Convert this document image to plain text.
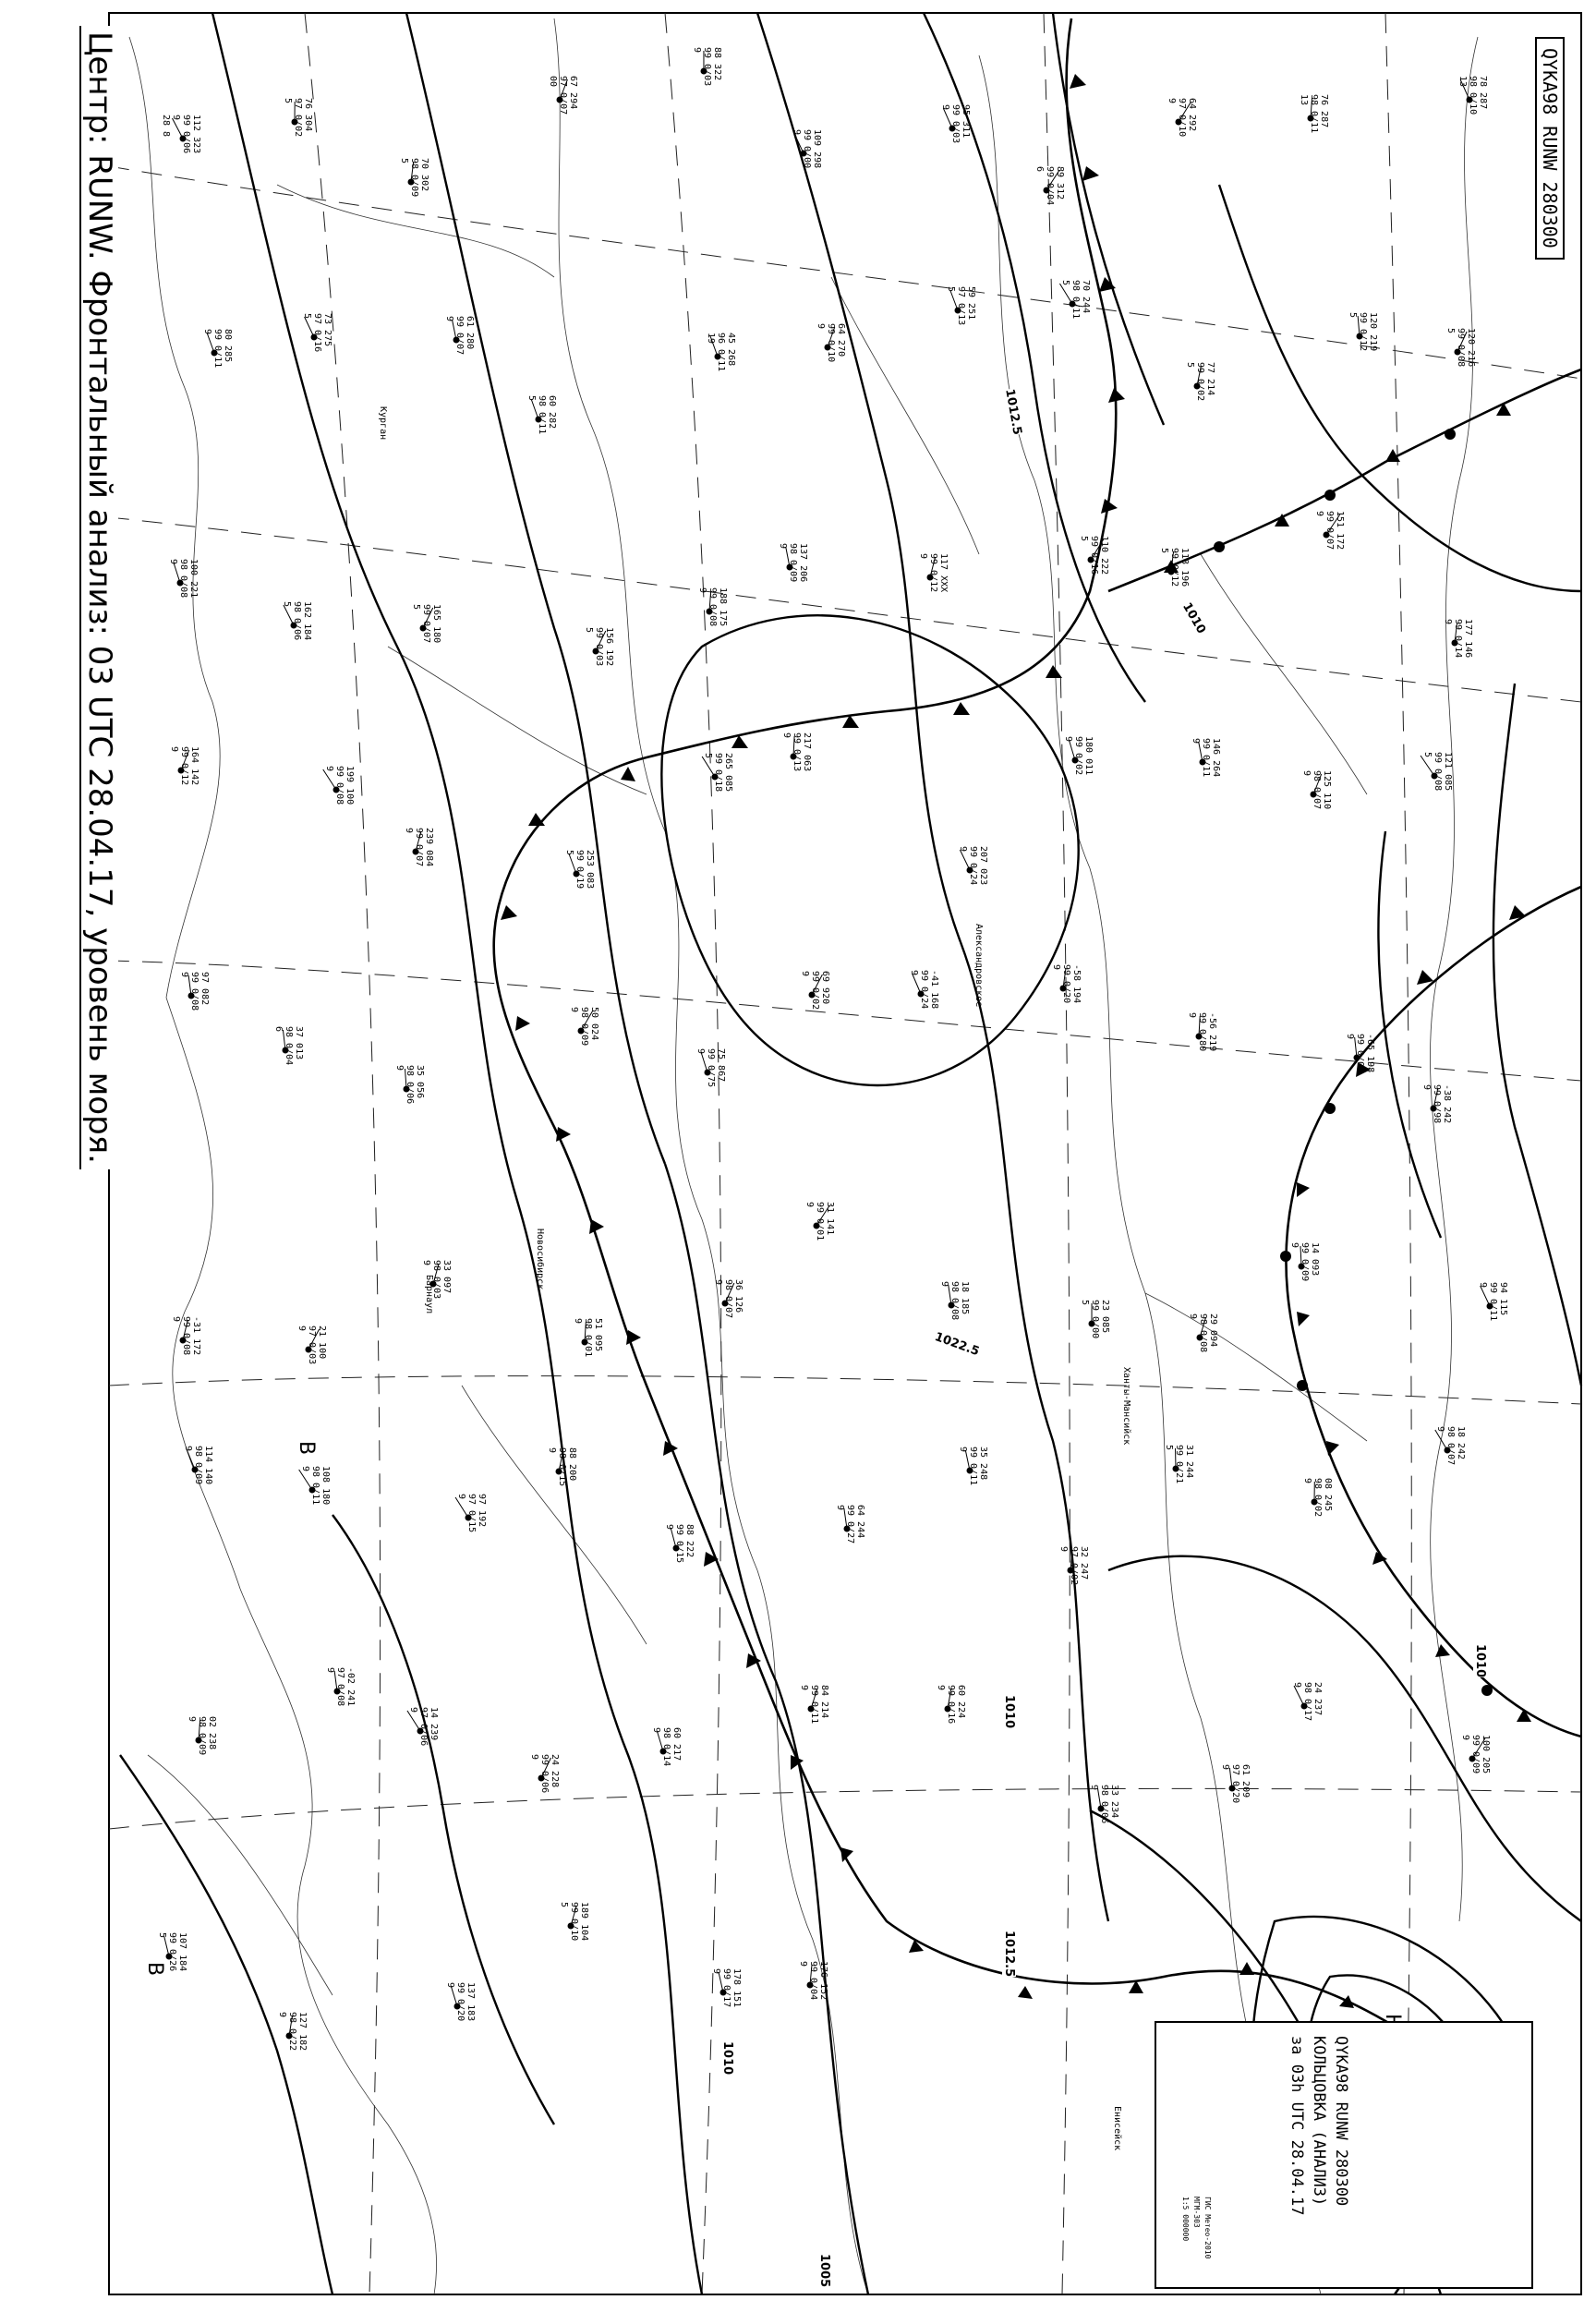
Центр: RUNW. Фронтальный анализ: 03 UTC 28.04.17, уровень моря.	QYKA98 RUNW 280300
В
В
1012.5
1010
1022.5
1010
1010
1012.5
1005
1010
Курган
Новосибирск
Барнаул
Александровское
Ханты-Мансийск
Енисейск
112 323
99 0/06
9
28 8	76 304
97 0/02
5
70 302
98 0/09
5
67 294
97 0/07
00
88 322
99 0/03
9
109 298
99 0/00
9	95 311
99 0/03
9
89 312
99 0/04
6
64 292
97 0/10
9	76 287
98 0/11
13	78 287
98 0/10
13
80 285
99 0/11
9	73 275
97 0/16
5	61 280
99 0/07
9
60 282
98 0/11
5
45 268
96 0/11
19	64 270
99 0/10
9
59 251
97 0/13
5	70 244
98 0/11
5
77 214
99 0/02
5
120 219
99 0/12
5
120 216
99 0/08
5
100 221
98 0/08
9
162 184
98 0/06
5	165 180
99 0/07
5
156 192
99 0/03
5
188 175
99 0/08
9
137 206
98 0/09
9
117 XXX
99 0/12
9	110 222
99 0/16
5
118 196
99 0/12
5
151 172
99 0/07
9
177 146
99 0/14
9
164 142
99 0/12
9
199 100
99 0/08
9
239 084
99 0/07
9
253 083
99 0/19
5
265 085
99 0/18
5	217 063
99 0/13
9
207 023
99 0/24
9
180 011
99 0/02
9	146 264
99 0/11
9
125 110
98 0/07
9	121 085
99 0/08
5
97 082
99 0/08
9
37 013
98 0/04
6
35 056
98 0/06
9
50 024
98 0/09
9
75 867
99 0/75
9
69 920
99 0/02
9	-41 168
99 0/24
9	-58 194
99 0/20
9
-56 219
99 0/80
9
-65 198
99 0/06
9
-38 242
99 0/98
9
-31 172
99 0/08
9
21 100
97 0/03
9
33 097
98 0/03
9
51 095
98 0/01
9
36 126
98 0/07
9
31 141
99 0/01
9
18 185
98 0/08
9
23 085
99 0/00
5
29 094
98 0/08
9
14 093
99 0/09
9
94 115
99 0/11
9
114 140
98 0/09
9
108 180
98 0/11
9
97 192
97 0/15
9
88 200
98 0/15
9
88 222
99 0/15
9	64 244
99 0/27
9
35 248
99 0/11
9
32 247
97 0/02
9
31 244
99 0/21
5
08 245
98 0/02
9
18 242
98 0/07
9
02 238
98 0/09
9
-02 241
97 0/08
9
14 239
97 0/06
9
24 228
99 0/06
9	60 217
98 0/14
9
84 214
99 0/11
9	60 224
99 0/16
9
33 234
98 0/06
9	61 209
97 0/20
9
24 237
98 0/17
9
100 205
99 0/09
9
107 184
99 0/26
5
127 182
98 0/22
9	137 183
99 0/20
9
189 104
99 0/10
5
178 151
99 0/17
9	176 152
99 0/04
9
QYKA98 RUNW 280300
КОЛЬЦОВКА (АНАЛИЗ)
за 03h UTC 28.04.17
ГИС Метео-2010
МГМ-303
1:5 000000
